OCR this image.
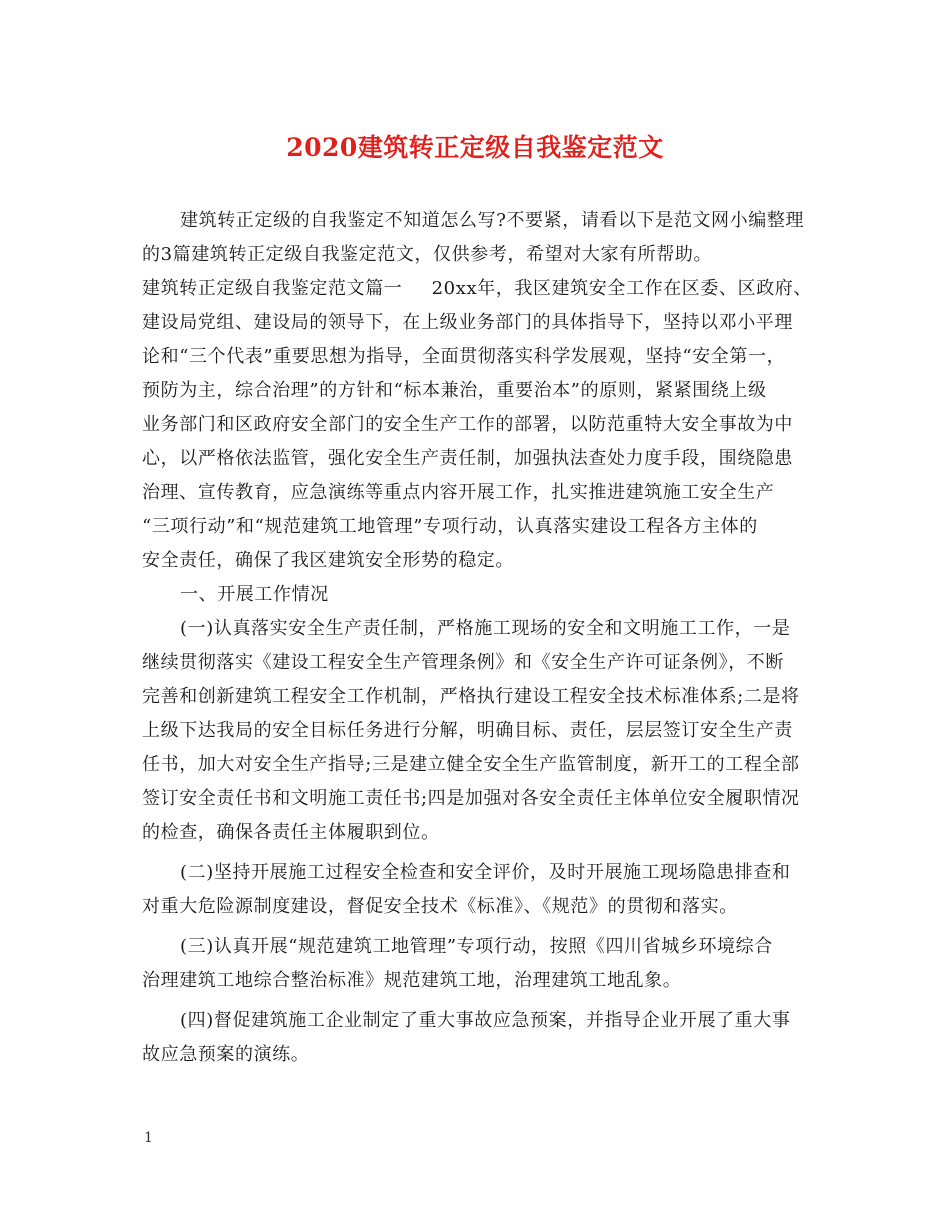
2020建筑转正定级自我鉴定范文
建筑转正定级的自我鉴定不知道怎么写?不要紧，请看以下是范文网小编整理
的3篇建筑转正定级自我鉴定范文，仅供参考，希望对大家有所帮助。
建筑转正定级自我鉴定范文篇一 20xx年，我区建筑安全工作在区委、区政府、
建设局党组、建设局的领导下，在上级业务部门的具体指导下，坚持以邓小平理
论和“三个代表”重要思想为指导，全面贯彻落实科学发展观，坚持“安全第一，
预防为主，综合治理”的方针和“标本兼治，重要治本”的原则，紧紧围绕上级
业务部门和区政府安全部门的安全生产工作的部署，以防范重特大安全事故为中
心，以严格依法监管，强化安全生产责任制，加强执法查处力度手段，围绕隐患
治理、宣传教育，应急演练等重点内容开展工作，扎实推进建筑施工安全生产
“三项行动”和“规范建筑工地管理”专项行动，认真落实建设工程各方主体的
安全责任，确保了我区建筑安全形势的稳定。
一、开展工作情况
(一)认真落实安全生产责任制，严格施工现场的安全和文明施工工作，一是
继续贯彻落实《建设工程安全生产管理条例》和《安全生产许可证条例》，不断
完善和创新建筑工程安全工作机制，严格执行建设工程安全技术标准体系;二是将
上级下达我局的安全目标任务进行分解，明确目标、责任，层层签订安全生产责
任书，加大对安全生产指导;三是建立健全安全生产监管制度，新开工的工程全部
签订安全责任书和文明施工责任书;四是加强对各安全责任主体单位安全履职情况
的检查，确保各责任主体履职到位。
(二)坚持开展施工过程安全检查和安全评价，及时开展施工现场隐患排查和
对重大危险源制度建设，督促安全技术《标准》、《规范》的贯彻和落实。
(三)认真开展“规范建筑工地管理”专项行动，按照《四川省城乡环境综合
治理建筑工地综合整治标准》规范建筑工地，治理建筑工地乱象。
(四)督促建筑施工企业制定了重大事故应急预案，并指导企业开展了重大事
故应急预案的演练。
1
